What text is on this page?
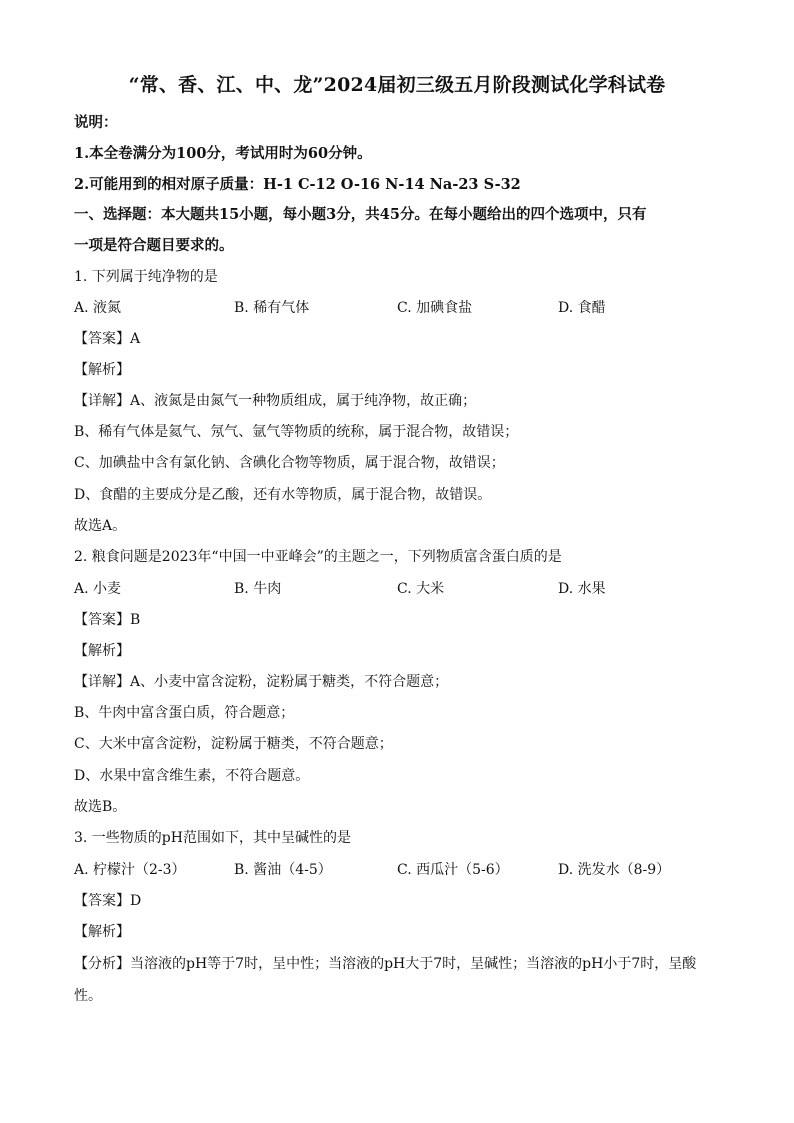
“常、香、江、中、龙”2024届初三级五月阶段测试化学科试卷
说明：
1.本全卷满分为100分，考试用时为60分钟。
2.可能用到的相对原子质量：H-1 C-12 O-16 N-14 Na-23 S-32
一、选择题：本大题共15小题，每小题3分，共45分。在每小题给出的四个选项中，只有
一项是符合题目要求的。
1. 下列属于纯净物的是
A. 液氮	B. 稀有气体	C. 加碘食盐	D. 食醋
【答案】A
【解析】
【详解】A、液氮是由氮气一种物质组成，属于纯净物，故正确；
B、稀有气体是氦气、氖气、氩气等物质的统称，属于混合物，故错误；
C、加碘盐中含有氯化钠、含碘化合物等物质，属于混合物，故错误；
D、食醋的主要成分是乙酸，还有水等物质，属于混合物，故错误。
故选A。
2. 粮食问题是2023年“中国一中亚峰会”的主题之一，下列物质富含蛋白质的是
A. 小麦	B. 牛肉	C. 大米	D. 水果
【答案】B
【解析】
【详解】A、小麦中富含淀粉，淀粉属于糖类，不符合题意；
B、牛肉中富含蛋白质，符合题意；
C、大米中富含淀粉，淀粉属于糖类，不符合题意；
D、水果中富含维生素，不符合题意。
故选B。
3. 一些物质的pH范围如下，其中呈碱性的是
A. 柠檬汁（2-3）	B. 酱油（4-5）	C. 西瓜汁（5-6）	D. 洗发水（8-9）
【答案】D
【解析】
【分析】当溶液的pH等于7时，呈中性；当溶液的pH大于7时，呈碱性；当溶液的pH小于7时，呈酸
性。
